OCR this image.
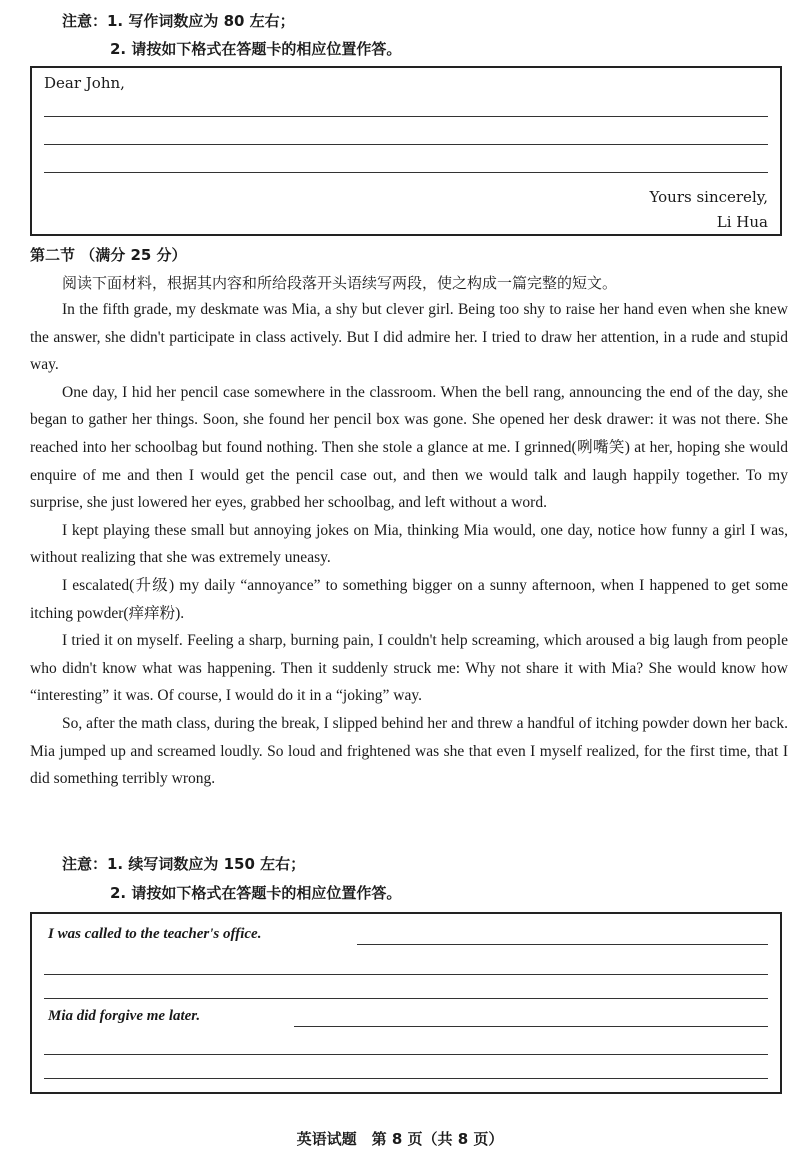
注意：1. 写作词数应为 80 左右；
2. 请按如下格式在答题卡的相应位置作答。
Dear John,
Yours sincerely,
Li Hua
第二节 （满分 25 分）
阅读下面材料，根据其内容和所给段落开头语续写两段，使之构成一篇完整的短文。

In the fifth grade, my deskmate was Mia, a shy but clever girl. Being too shy to raise her hand even when she knew the answer, she didn't participate in class actively. But I did admire her. I tried to draw her attention, in a rude and stupid way.

One day, I hid her pencil case somewhere in the classroom. When the bell rang, announcing the end of the day, she began to gather her things. Soon, she found her pencil box was gone. She opened her desk drawer: it was not there. She reached into her schoolbag but found nothing. Then she stole a glance at me. I grinned(咧嘴笑) at her, hoping she would enquire of me and then I would get the pencil case out, and then we would talk and laugh happily together. To my surprise, she just lowered her eyes, grabbed her schoolbag, and left without a word.

I kept playing these small but annoying jokes on Mia, thinking Mia would, one day, notice how funny a girl I was, without realizing that she was extremely uneasy.

I escalated(升级) my daily “annoyance” to something bigger on a sunny afternoon, when I happened to get some itching powder(痒痒粉).

I tried it on myself. Feeling a sharp, burning pain, I couldn't help screaming, which aroused a big laugh from people who didn't know what was happening. Then it suddenly struck me: Why not share it with Mia? She would know how “interesting” it was. Of course, I would do it in a “joking” way.

So, after the math class, during the break, I slipped behind her and threw a handful of itching powder down her back. Mia jumped up and screamed loudly. So loud and frightened was she that even I myself realized, for the first time, that I did something terribly wrong.

注意：1. 续写词数应为 150 左右；
2. 请按如下格式在答题卡的相应位置作答。
I was called to the teacher's office.
Mia did forgive me later.
英语试题　第 8 页（共 8 页）
